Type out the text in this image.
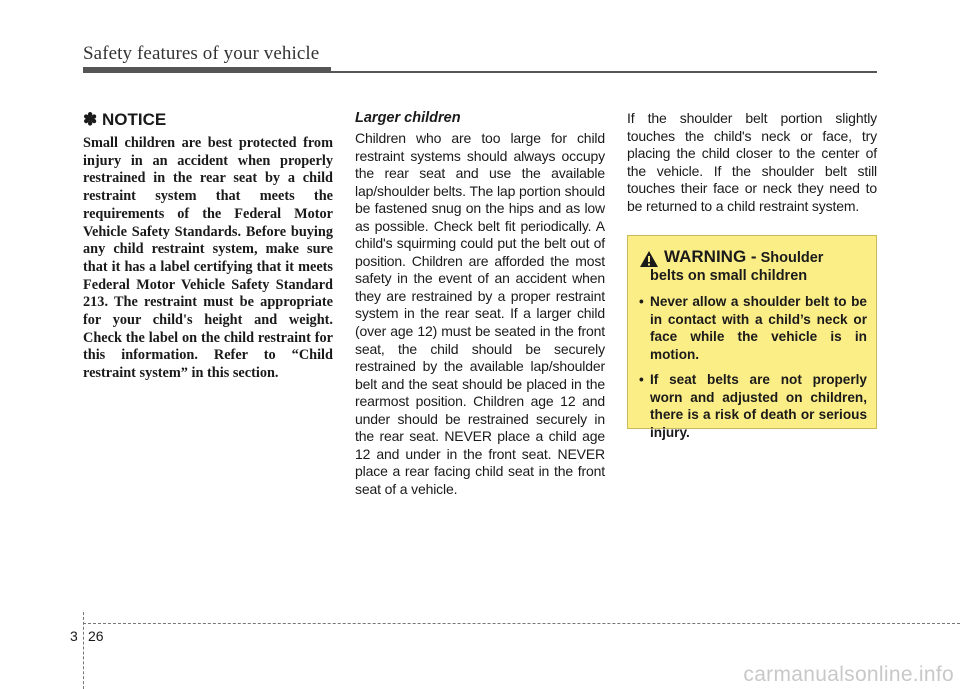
Safety features of your vehicle
✽ NOTICE

Small children are best protected from injury in an accident when properly restrained in the rear seat by a child restraint system that meets the requirements of the Federal Motor Vehicle Safety Standards. Before buying any child restraint system, make sure that it has a label certifying that it meets Federal Motor Vehicle Safety Standard 213. The restraint must be appropriate for your child's height and weight. Check the label on the child restraint for this information. Refer to “Child restraint system” in this section.

Larger children

Children who are too large for child restraint systems should always occupy the rear seat and use the available lap/shoulder belts. The lap portion should be fastened snug on the hips and as low as possible. Check belt fit periodically. A child's squirming could put the belt out of position. Children are afforded the most safety in the event of an accident when they are restrained by a proper restraint system in the rear seat. If a larger child (over age 12) must be seated in the front seat, the child should be securely restrained by the available lap/shoulder belt and the seat should be placed in the rearmost position. Children age 12 and under should be restrained securely in the rear seat. NEVER place a child age 12 and under in the front seat. NEVER place a rear facing child seat in the front seat of a vehicle.

If the shoulder belt portion slightly touches the child's neck or face, try placing the child closer to the center of the vehicle. If the shoulder belt still touches their face or neck they need to be returned to a child restraint system.

WARNING - Shoulder
belts on small children
• Never allow a shoulder belt to be in contact with a child’s neck or face while the vehicle is in motion.
• If seat belts are not properly worn and adjusted on children, there is a risk of death or serious injury.
3 26
carmanualsonline.info
